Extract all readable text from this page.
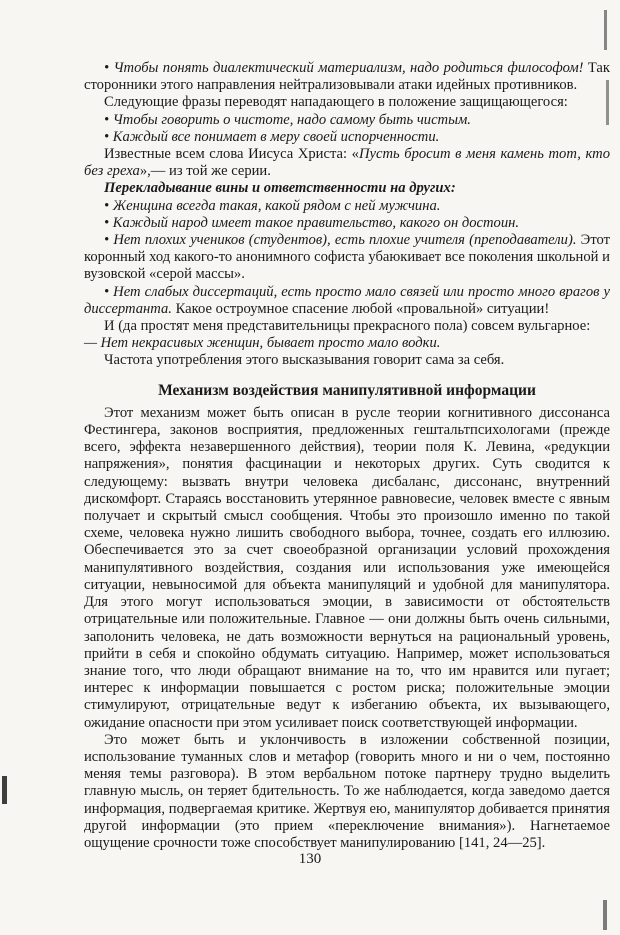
• Чтобы понять диалектический материализм, надо родиться философом! Так сторонники этого направления нейтрализовывали атаки идейных противников.

Следующие фразы переводят нападающего в положение защищающегося:

• Чтобы говорить о чистоте, надо самому быть чистым.

• Каждый все понимает в меру своей испорченности.

Известные всем слова Иисуса Христа: «Пусть бросит в меня камень тот, кто без греха»,— из той же серии.

Перекладывание вины и ответственности на других:

• Женщина всегда такая, какой рядом с ней мужчина.

• Каждый народ имеет такое правительство, какого он достоин.

• Нет плохих учеников (студентов), есть плохие учителя (преподаватели). Этот коронный ход какого-то анонимного софиста убаюкивает все поколения школьной и вузовской «серой массы».

• Нет слабых диссертаций, есть просто мало связей или просто много врагов у диссертанта. Какое остроумное спасение любой «провальной» ситуации!

И (да простят меня представительницы прекрасного пола) совсем вульгарное:

— Нет некрасивых женщин, бывает просто мало водки.

Частота употребления этого высказывания говорит сама за себя.

Механизм воздействия манипулятивной информации

Этот механизм может быть описан в русле теории когнитивного диссонанса Фестингера, законов восприятия, предложенных гештальтпсихологами (прежде всего, эффекта незавершенного действия), теории поля К. Левина, «редукции напряжения», понятия фасцинации и некоторых других. Суть сводится к следующему: вызвать внутри человека дисбаланс, диссонанс, внутренний дискомфорт. Стараясь восстановить утерянное равновесие, человек вместе с явным получает и скрытый смысл сообщения. Чтобы это произошло именно по такой схеме, человека нужно лишить свободного выбора, точнее, создать его иллюзию. Обеспечивается это за счет своеобразной организации условий прохождения манипулятивного воздействия, создания или использования уже имеющейся ситуации, невыносимой для объекта манипуляций и удобной для манипулятора. Для этого могут использоваться эмоции, в зависимости от обстоятельств отрицательные или положительные. Главное — они должны быть очень сильными, заполонить человека, не дать возможности вернуться на рациональный уровень, прийти в себя и спокойно обдумать ситуацию. Например, может использоваться знание того, что люди обращают внимание на то, что им нравится или пугает; интерес к информации повышается с ростом риска; положительные эмоции стимулируют, отрицательные ведут к избеганию объекта, их вызывающего, ожидание опасности при этом усиливает поиск соответствующей информации.

Это может быть и уклончивость в изложении собственной позиции, использование туманных слов и метафор (говорить много и ни о чем, постоянно меняя темы разговора). В этом вербальном потоке партнеру трудно выделить главную мысль, он теряет бдительность. То же наблюдается, когда заведомо дается информация, подвергаемая критике. Жертвуя ею, манипулятор добивается принятия другой информации (это прием «переключение внимания»). Нагнетаемое ощущение срочности тоже способствует манипулированию [141, 24—25].

130
